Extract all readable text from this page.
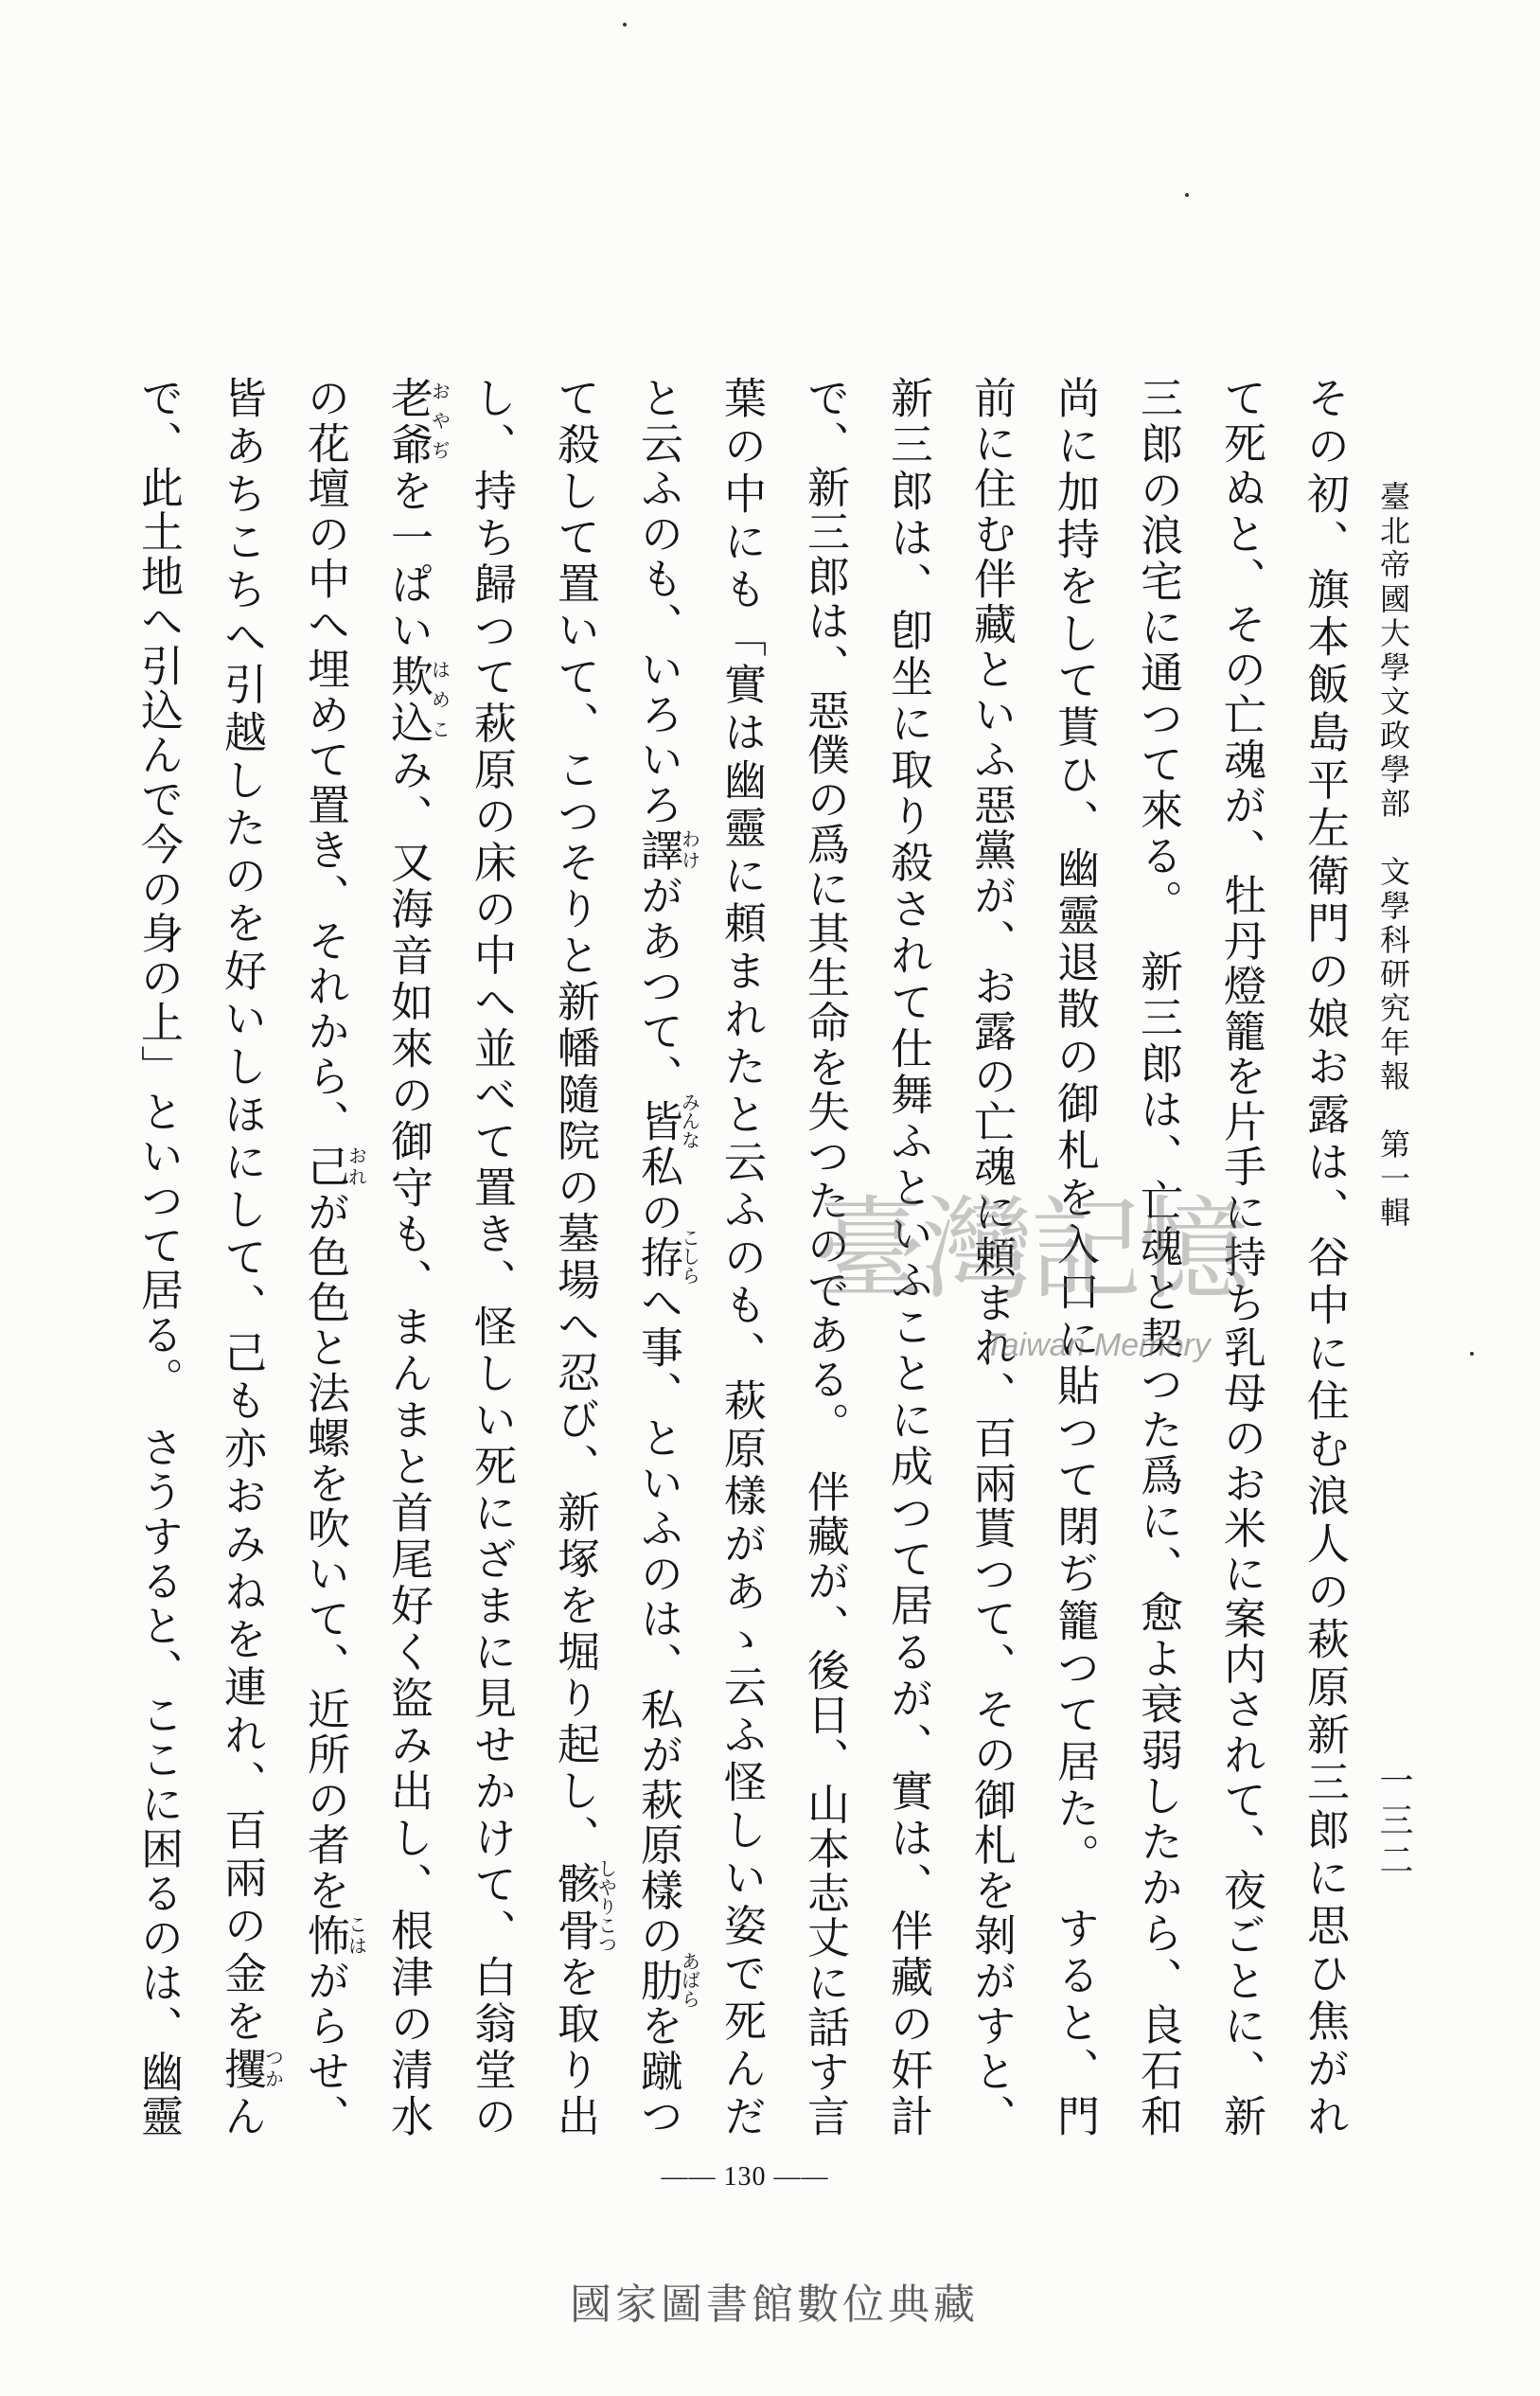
臺北帝國大學文政學部　文學科研究年報　第一輯
一三二
その初、旗本飯島平左衛門の娘お露は、谷中に住む浪人の萩原新三郎に思ひ焦がれ
て死ぬと、その亡魂が、牡丹燈籠を片手に持ち乳母のお米に案内されて、夜ごとに、新
三郎の浪宅に通つて來る。　新三郎は、亡魂と契つた爲に、愈よ衰弱したから、良石和
尚に加持をして貰ひ、幽靈退散の御札を入口に貼つて閉ぢ籠つて居た。　すると、門
前に住む伴藏といふ惡黨が、お露の亡魂に頼まれ、百兩貰つて、その御札を剝がすと、
新三郎は、卽坐に取り殺されて仕舞ふといふことに成つて居るが、實は、伴藏の奸計
で、新三郎は、惡僕の爲に其生命を失つたのである。　伴藏が、後日、山本志丈に話す言
葉の中にも「實は幽靈に頼まれたと云ふのも、萩原樣があゝ云ふ怪しい姿で死んだ
と云ふのも、いろいろ譯わけがあつて、皆みんな私の拵こしらへ事、といふのは、私が萩原樣の肋あばらを蹴つ
て殺して置いて、こつそりと新幡隨院の墓場へ忍び、新塚を堀り起し、骸骨しやりこつを取り出
し、持ち歸つて萩原の床の中へ並べて置き、怪しい死にざまに見せかけて、白翁堂の
老爺おやぢを一ぱい欺込はめこみ、又海音如來の御守も、まんまと首尾好く盜み出し、根津の清水
の花壇の中へ埋めて置き、それから、己おれが色色と法螺を吹いて、近所の者を怖こはがらせ、
皆あちこちへ引越したのを好いしほにして、己も亦おみねを連れ、百兩の金を攫つかん
で、此土地へ引込んで今の身の上」といつて居る。　さうすると、ここに困るのは、幽靈	臺灣記憶
Taiwan Memory
—— 130 ——
國家圖書館數位典藏
